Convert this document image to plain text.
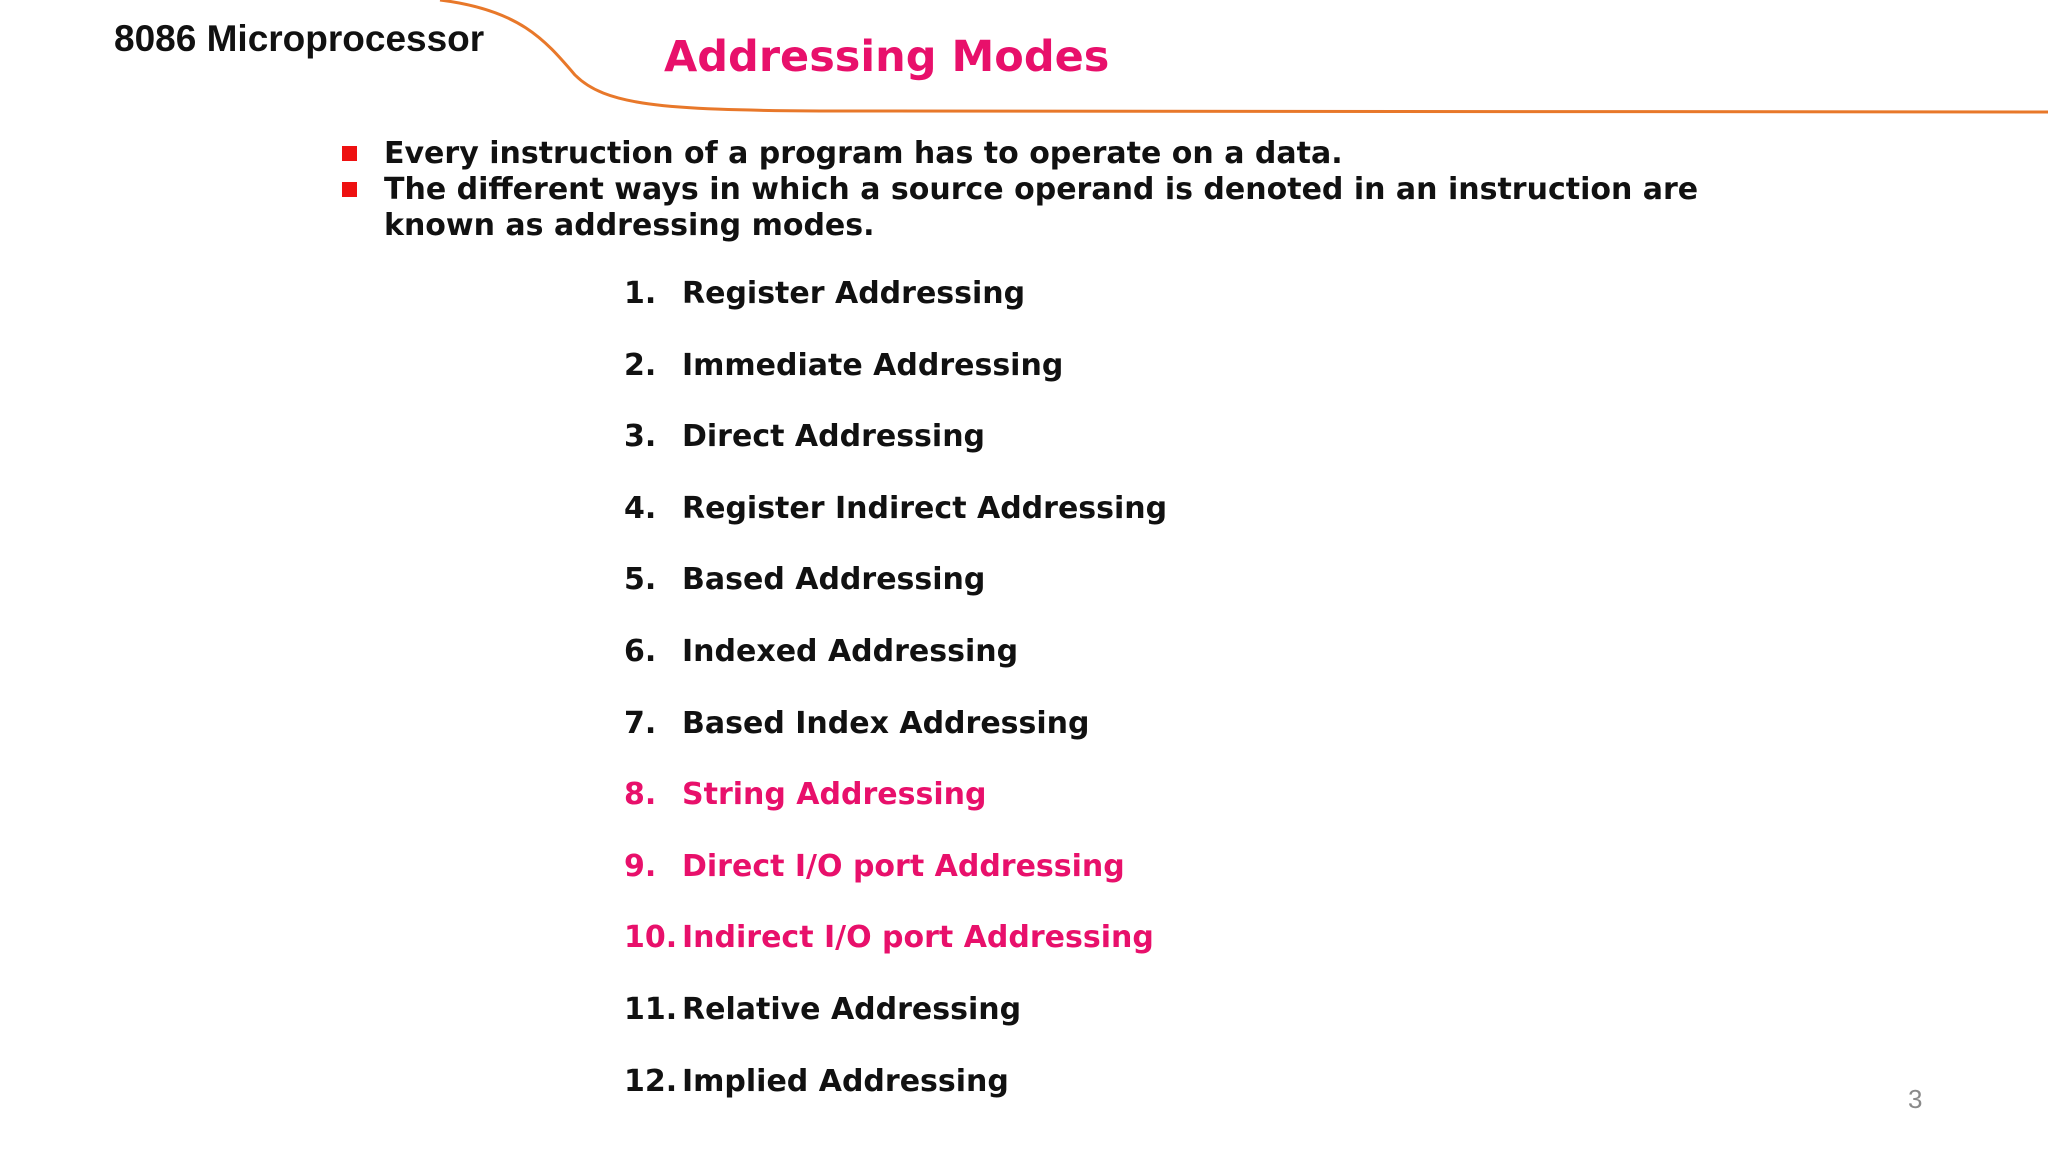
8086 Microprocessor	Addressing Modes
Every instruction of a program has to operate on a data.
The different ways in which a source operand is denoted in an instruction are known as addressing modes.
1. Register Addressing
2. Immediate Addressing
3. Direct Addressing
4. Register Indirect Addressing
5. Based Addressing
6. Indexed Addressing
7. Based Index Addressing
8. String Addressing
9. Direct I/O port Addressing
10. Indirect I/O port Addressing
11. Relative Addressing
12. Implied Addressing
3
